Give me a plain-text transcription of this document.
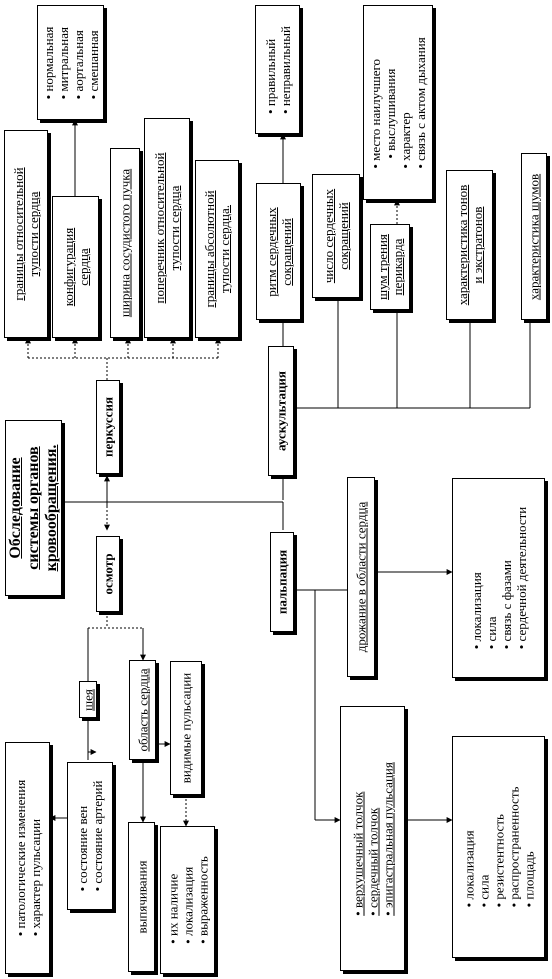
Обследование системы органов кровообращения.
осмотр
перкуссия
пальпация
аускультация
шея
• состояние вен • состояние артерий
• патологические изменения • характер пульсации
область сердца видимые пульсации
выпячивания • их наличие • локализация • выраженность	• верхушечный толчок • сердечный толчок • эпигастральная пульсация	• локализация • сила • резистентность • распространенность • площадь
дрожание в области сердца	• локализация • сила • связь с фазами • сердечной деятельности
границы относительной тупости сердца конфигурация сердца
• нормальная • митральная • аортальная • смешанная
ширина сосудистого пучка поперечник относительной тупости сердца границы абсолютной тупости сердца. ритм сердечных сокращений
• правильный • неправильный
число сердечных сокращений шум трения перикарда
• место наилучшего • выслушивания • характер • связь с актом дыхания
характеристика тонов и экстратонов	характеристика шумов
